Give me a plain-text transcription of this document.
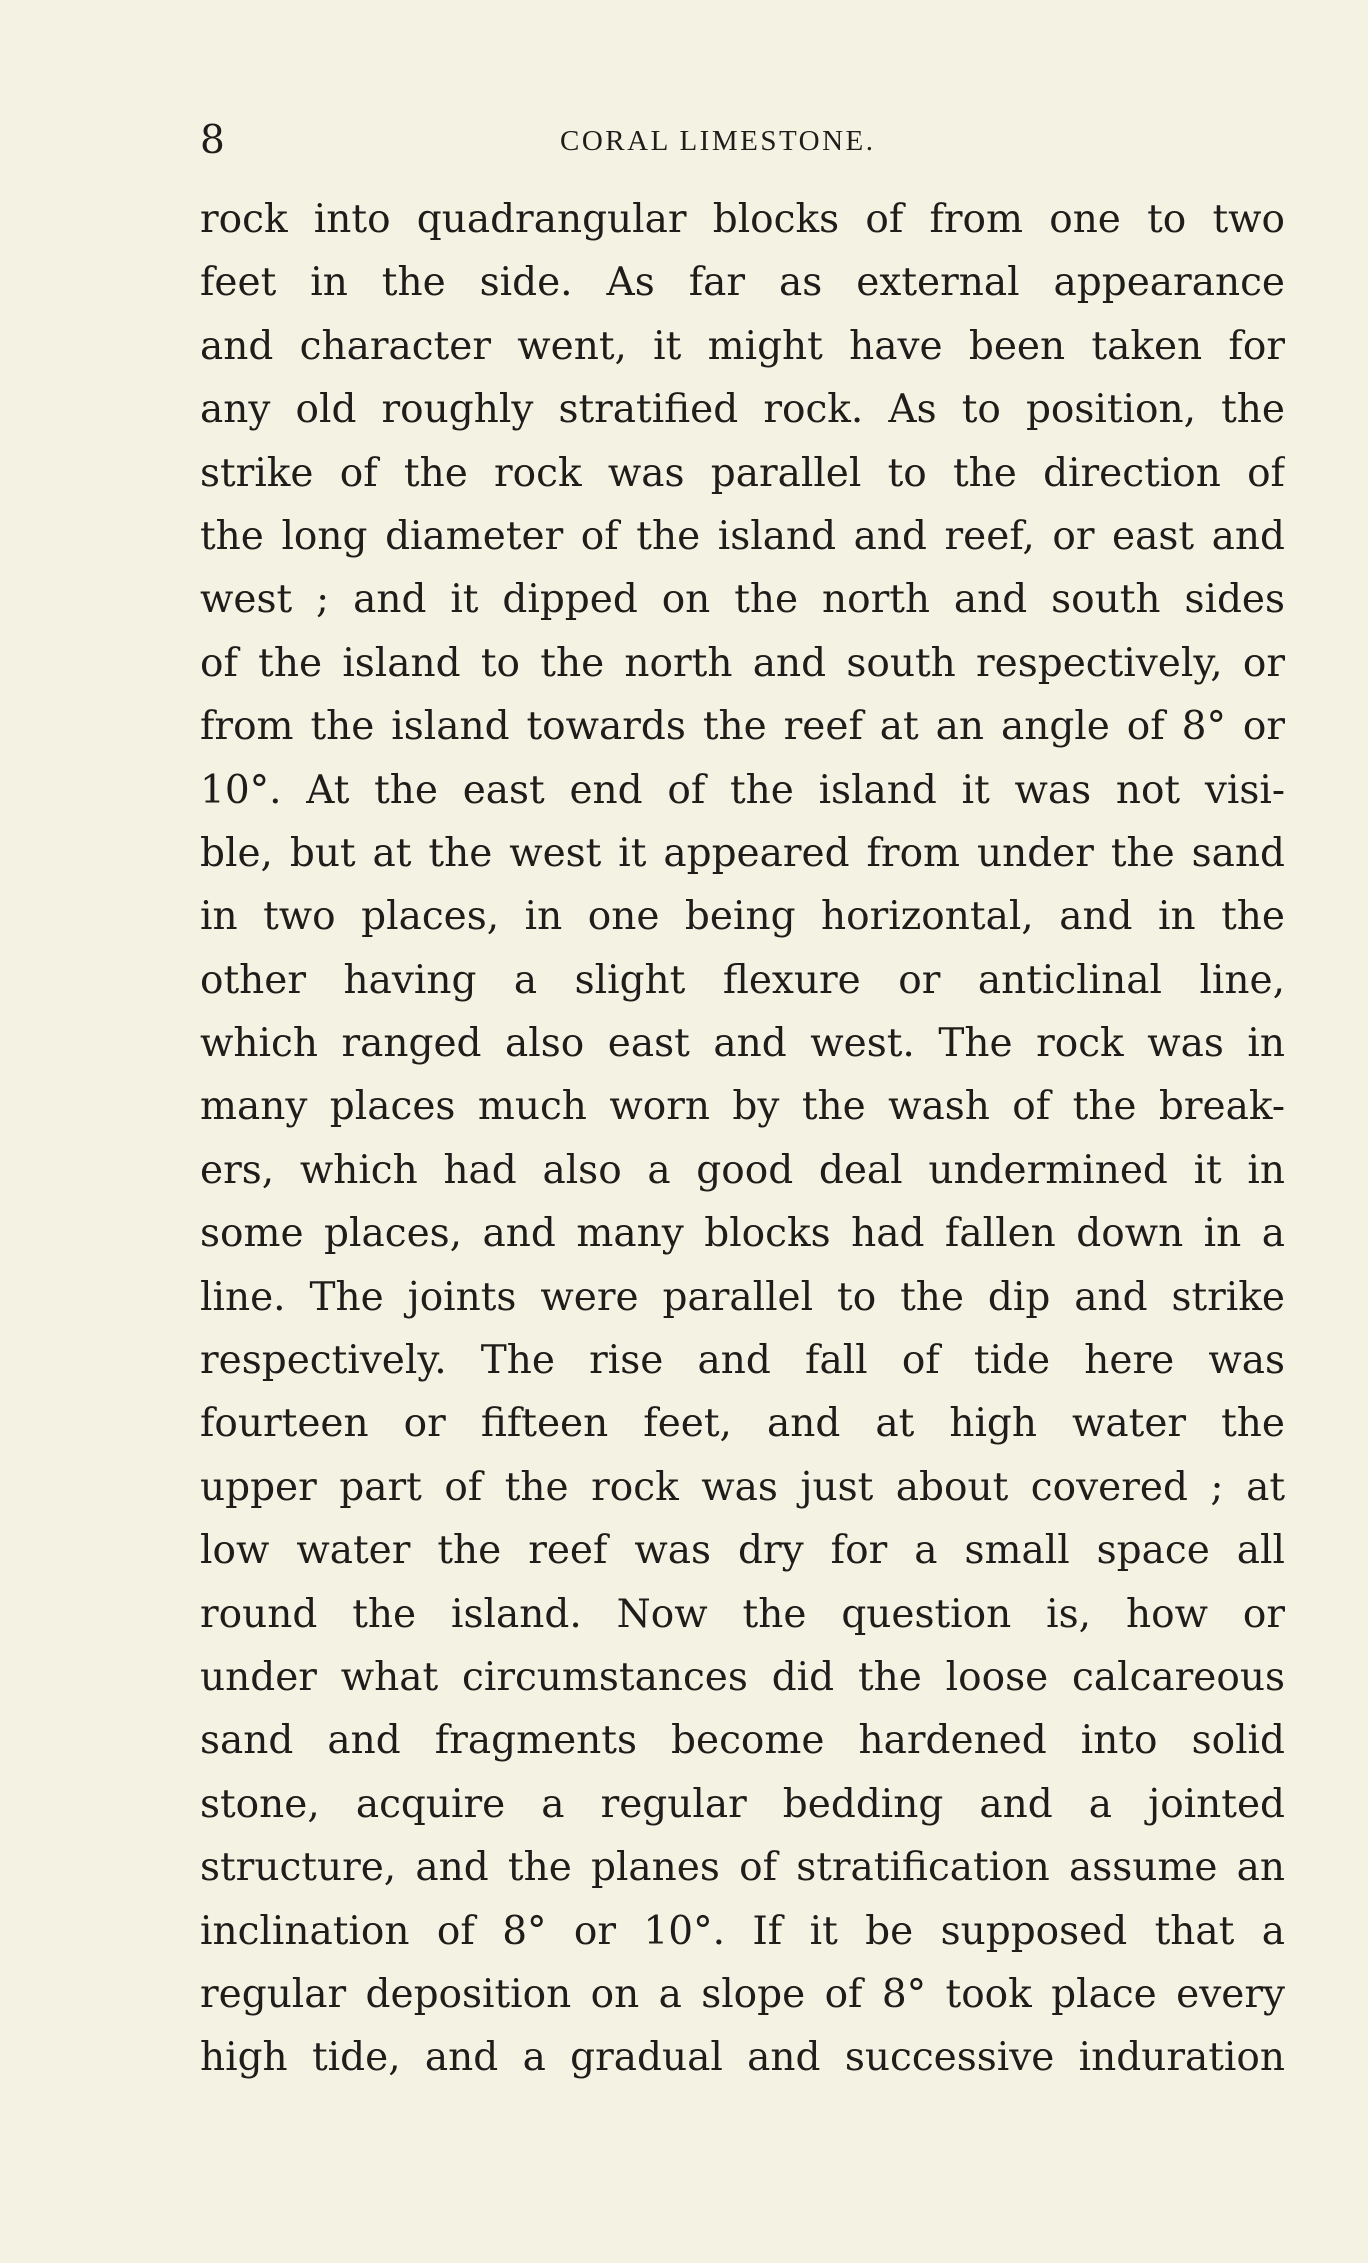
8	CORAL LIMESTONE.
rock into quadrangular blocks of from one to two
feet in the side. As far as external appearance
and character went, it might have been taken for
any old roughly stratified rock. As to position, the
strike of the rock was parallel to the direction of
the long diameter of the island and reef, or east and
west ; and it dipped on the north and south sides
of the island to the north and south respectively, or
from the island towards the reef at an angle of 8° or
10°. At the east end of the island it was not visi-
ble, but at the west it appeared from under the sand
in two places, in one being horizontal, and in the
other having a slight flexure or anticlinal line,
which ranged also east and west. The rock was in
many places much worn by the wash of the break-
ers, which had also a good deal undermined it in
some places, and many blocks had fallen down in a
line. The joints were parallel to the dip and strike
respectively. The rise and fall of tide here was
fourteen or fifteen feet, and at high water the
upper part of the rock was just about covered ; at
low water the reef was dry for a small space all
round the island. Now the question is, how or
under what circumstances did the loose calcareous
sand and fragments become hardened into solid
stone, acquire a regular bedding and a jointed
structure, and the planes of stratification assume an
inclination of 8° or 10°. If it be supposed that a
regular deposition on a slope of 8° took place every
high tide, and a gradual and successive induration
